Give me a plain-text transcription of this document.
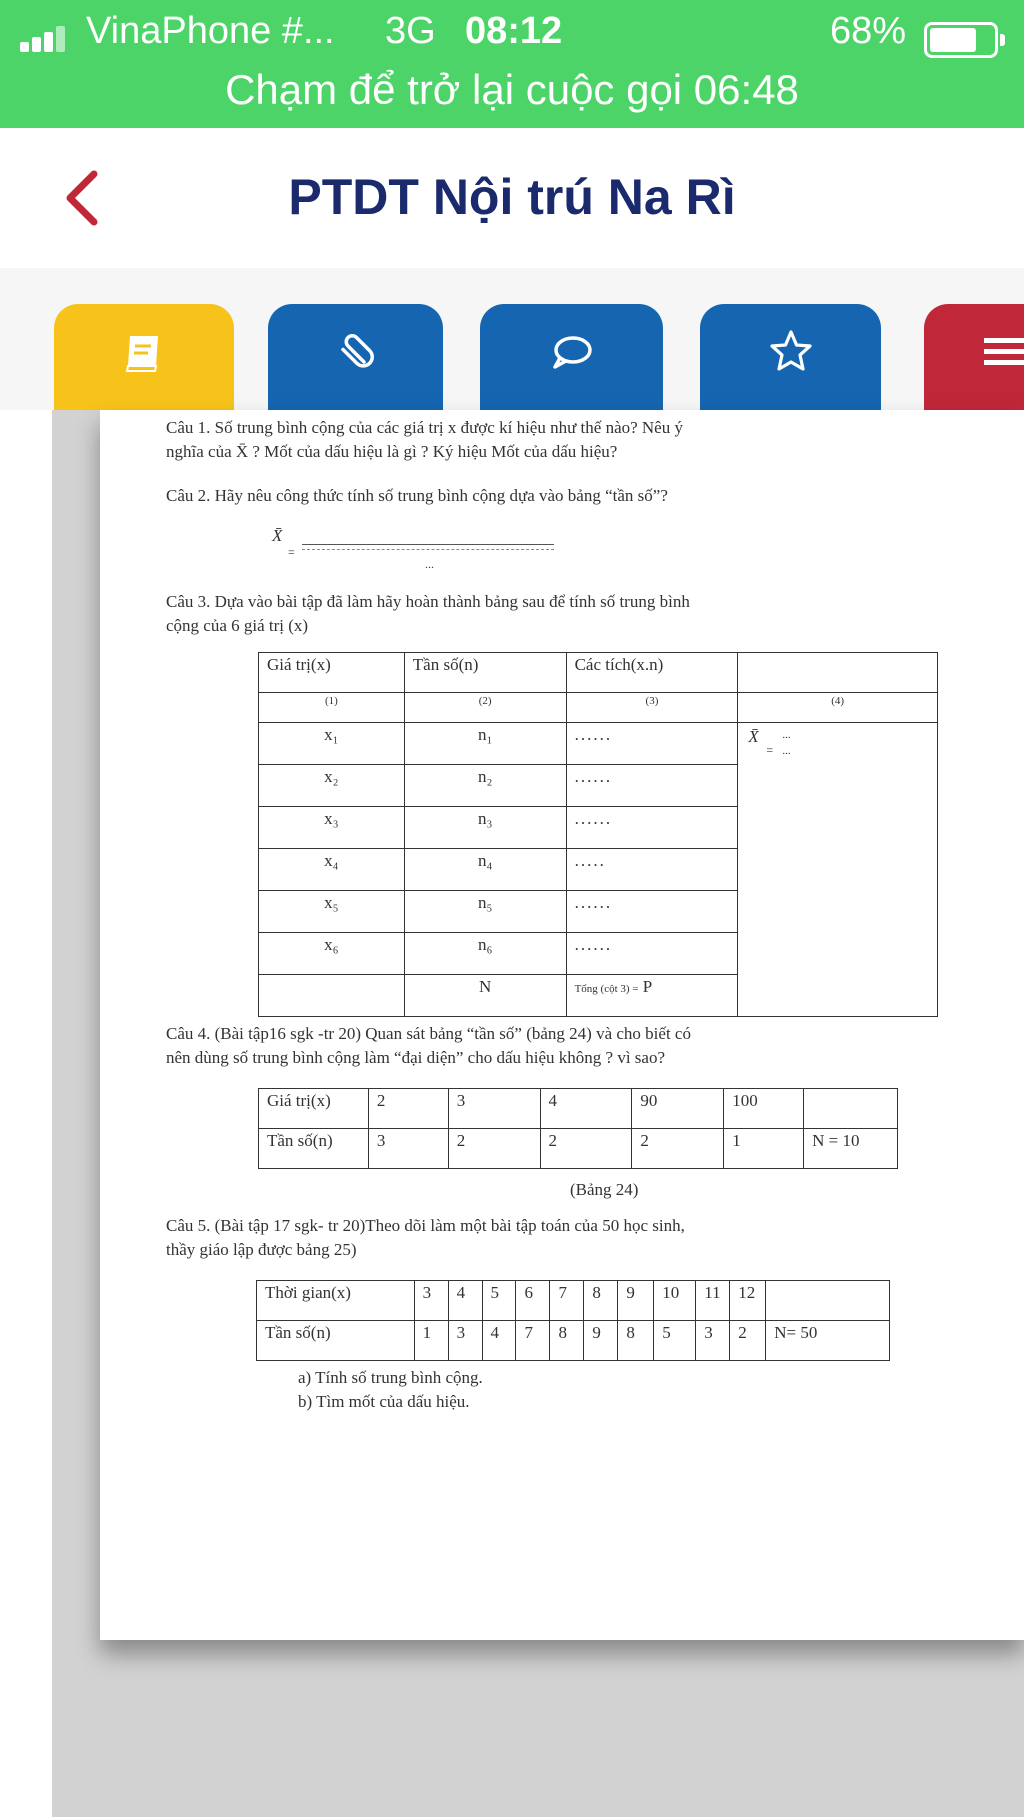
VinaPhone #... 3G 08:12	68%
Chạm để trở lại cuộc gọi 06:48
PTDT Nội trú Na Rì

Câu 1. Số trung bình cộng của các giá trị x được kí hiệu như thế nào? Nêu ý

nghĩa của X̄ ? Mốt của dấu hiệu là gì ? Ký hiệu Mốt của dấu hiệu?

Câu 2. Hãy nêu công thức tính số trung bình cộng dựa vào bảng “tần số”?
X̄
=
...

Câu 3. Dựa vào bài tập đã làm hãy hoàn thành bảng sau để tính số trung bình

cộng của 6 giá trị (x)

Giá trị(x)	Tần số(n)	Các tích(x.n)	
(1)	(2)	(3)	(4)
x₁	n₁	......	X̄
=
...
...

x₂	n₂	......	
x₃	n₃	......	
x₄	n₄	.....	
x₅	n₅	......	
x₆	n₆	......	
	N	Tổng (cột 3) = P	

Câu 4. (Bài tập16 sgk -tr 20) Quan sát bảng “tần số” (bảng 24) và cho biết có

nên dùng số trung bình cộng làm “đại diện” cho dấu hiệu không ? vì sao?

Giá trị(x)	2	3	4	90	100	
Tần số(n)	3	2	2	2	1	N = 10
(Bảng 24)

Câu 5. (Bài tập 17 sgk- tr 20)Theo dõi làm một bài tập toán của 50 học sinh,

thầy giáo lập được bảng 25)

Thời gian(x)	3	4	5	6	7	8	9	10	11	12	
Tần số(n)	1	3	4	7	8	9	8	5	3	2	N= 50
a) Tính số trung bình cộng.
b) Tìm mốt của dấu hiệu.
